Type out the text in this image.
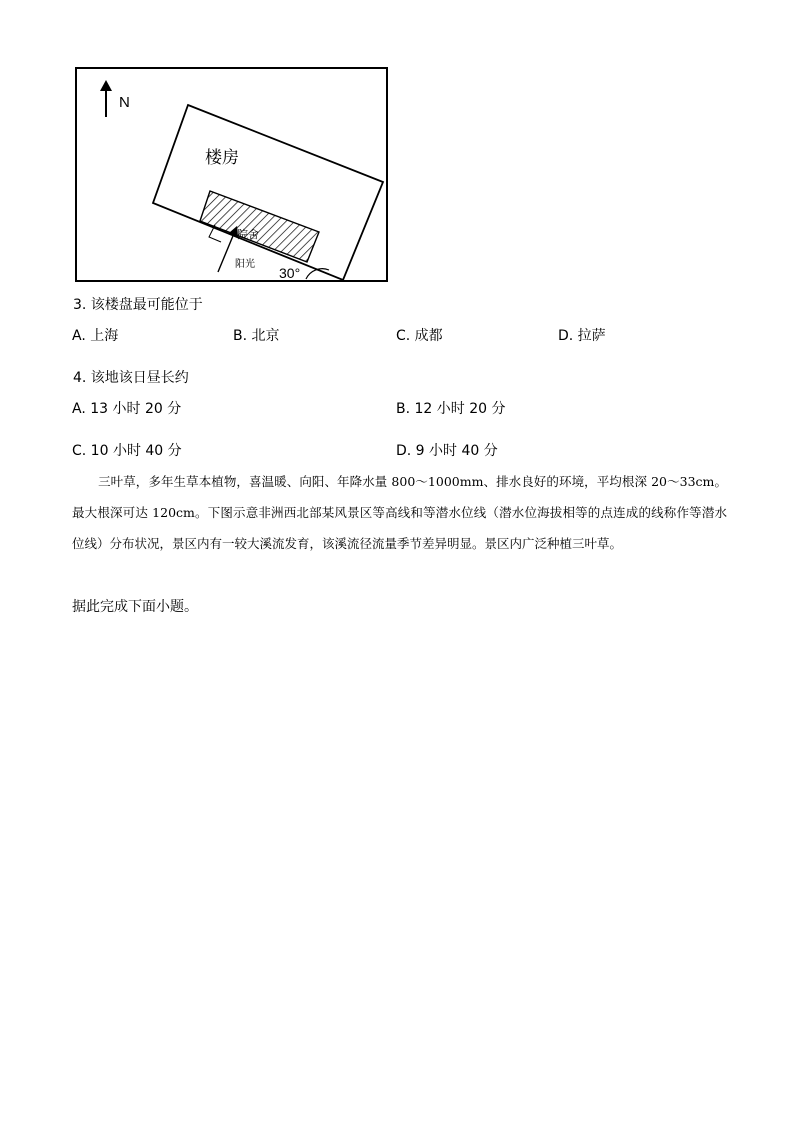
N
楼房
院舍
阳光
30°
3. 该楼盘最可能位于
A. 上海	B. 北京	C. 成都	D. 拉萨
4. 该地该日昼长约
A. 13 小时 20 分	B. 12 小时 20 分
C. 10 小时 40 分	D. 9 小时 40 分
三叶草，多年生草本植物，喜温暖、向阳、年降水量 800～1000mm、排水良好的环境，平均根深 20～33cm。最大根深可达 120cm。下图示意非洲西北部某风景区等高线和等潜水位线（潜水位海拔相等的点连成的线称作等潜水位线）分布状况，景区内有一较大溪流发育，该溪流径流量季节差异明显。景区内广泛种植三叶草。
据此完成下面小题。
